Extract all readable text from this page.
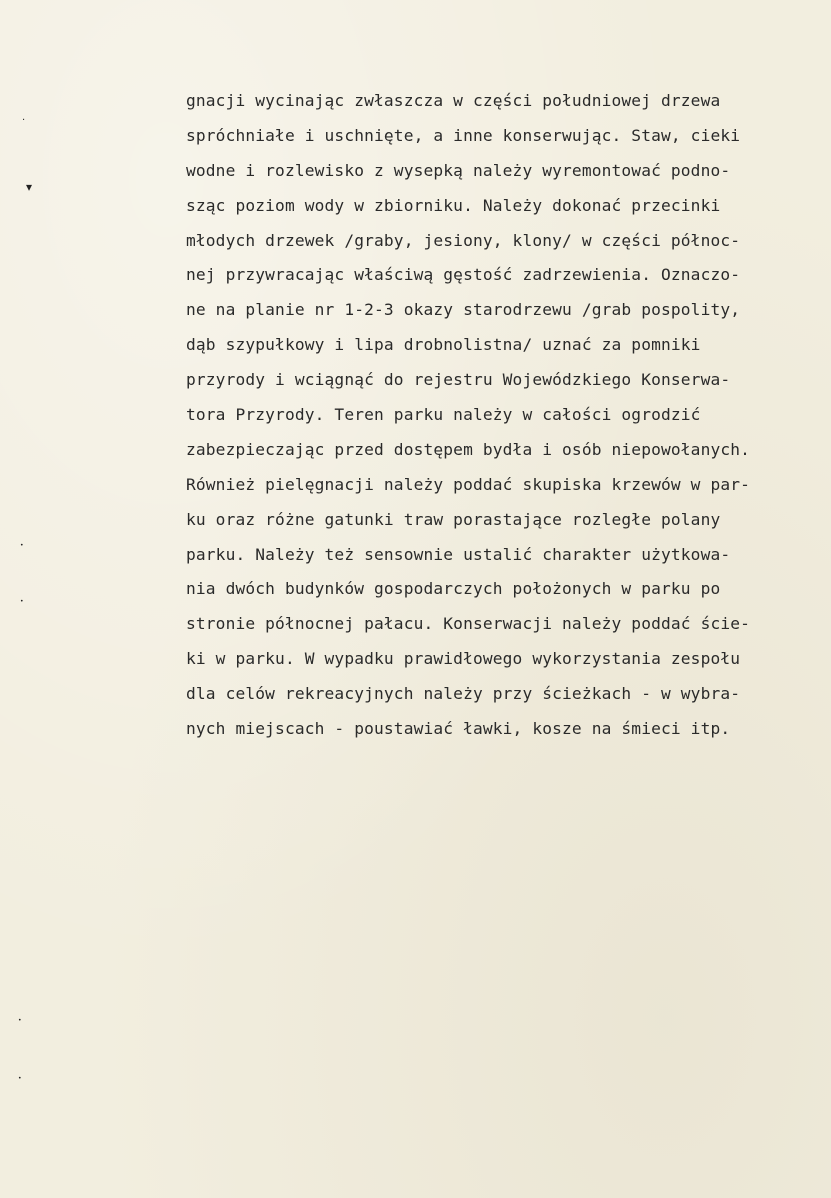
‧
▾
•
•
•
•
gnacji wycinając zwłaszcza w części południowej drzewa
spróchniałe i uschnięte, a inne konserwując. Staw, cieki
wodne i rozlewisko z wysepką należy wyremontować podno-
sząc poziom wody w zbiorniku. Należy dokonać przecinki
młodych drzewek /graby, jesiony, klony/ w części północ-
nej przywracając właściwą gęstość zadrzewienia. Oznaczo-
ne na planie nr 1-2-3 okazy starodrzewu /grab pospolity,
dąb szypułkowy i lipa drobnolistna/ uznać za pomniki
przyrody i wciągnąć do rejestru Wojewódzkiego Konserwa-
tora Przyrody. Teren parku należy w całości ogrodzić
zabezpieczając przed dostępem bydła i osób niepowołanych.
Również pielęgnacji należy poddać skupiska krzewów w par-
ku oraz różne gatunki traw porastające rozległe polany
parku. Należy też sensownie ustalić charakter użytkowa-
nia dwóch budynków gospodarczych położonych w parku po
stronie północnej pałacu. Konserwacji należy poddać ście-
ki w parku. W wypadku prawidłowego wykorzystania zespołu
dla celów rekreacyjnych należy przy ścieżkach - w wybra-
nych miejscach - poustawiać ławki, kosze na śmieci itp.
